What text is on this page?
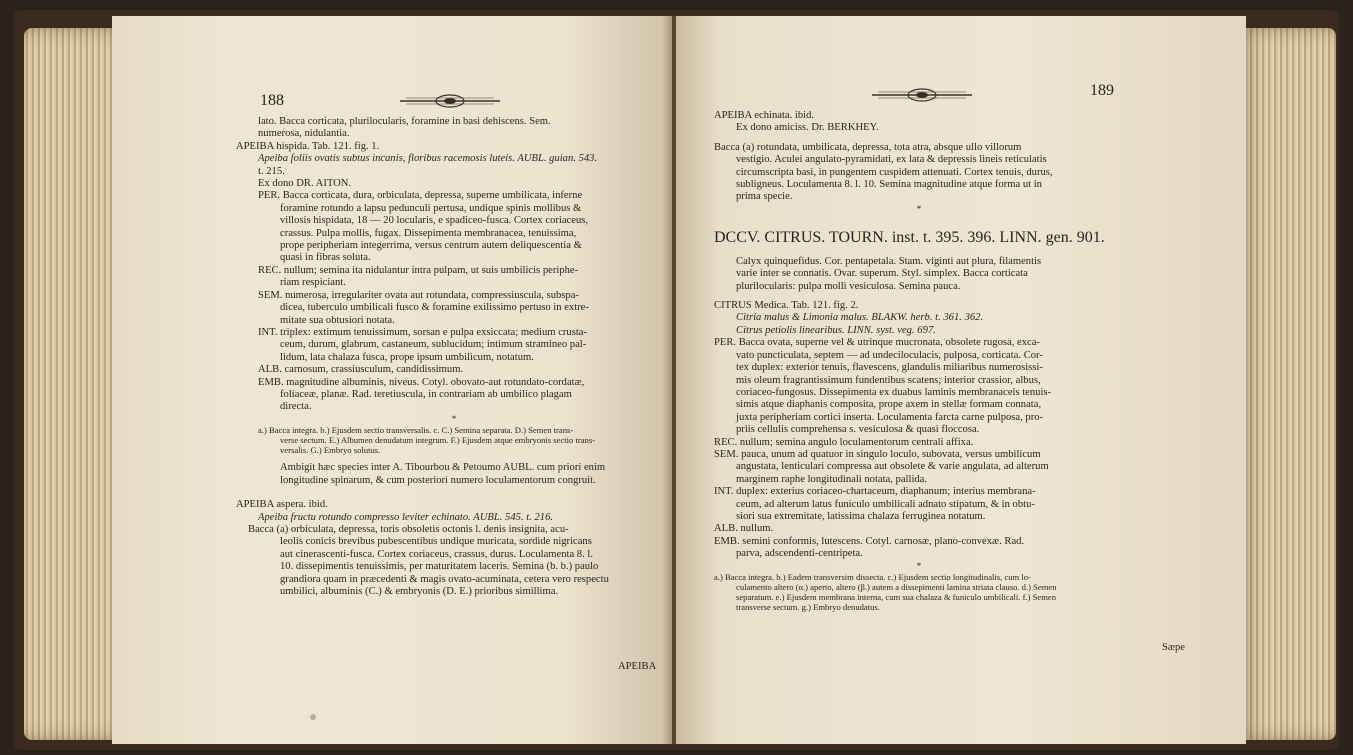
188
lato. Bacca corticata, plurilocularis, foramine in basi dehiscens. Sem.
numerosa, nidulantia.
APEIBA hispida. Tab. 121. fig. 1.
Apeiba foliis ovatis subtus incanis, floribus racemosis luteis. AUBL. guian. 543.
t. 215.
Ex dono DR. AITON.
PER. Bacca corticata, dura, orbiculata, depressa, superne umbilicata, inferne
foramine rotundo a lapsu pedunculi pertusa, undique spinis mollibus &
villosis hispidata, 18 — 20 locularis, e spadiceo-fusca. Cortex coriaceus,
crassus. Pulpa mollis, fugax. Dissepimenta membranacea, tenuissima,
prope peripheriam integerrima, versus centrum autem deliquescentia &
quasi in fibras soluta.
REC. nullum; semina ita nidulantur intra pulpam, ut suis umbilicis periphe-
riam respiciant.
SEM. numerosa, irregulariter ovata aut rotundata, compressiuscula, subspa-
dicea, tuberculo umbilicali fusco & foramine exilissimo pertuso in extre-
mitate sua obtusiori notata.
INT. triplex: extimum tenuissimum, sorsan e pulpa exsiccata; medium crusta-
ceum, durum, glabrum, castaneum, sublucidum; intimum stramineo pal-
lidum, lata chalaza fusca, prope ipsum umbilicum, notatum.
ALB. carnosum, crassiusculum, candidissimum.
EMB. magnitudine albuminis, niveus. Cotyl. obovato-aut rotundato-cordatæ,
foliaceæ, planæ. Rad. teretiuscula, in contrariam ab umbilico plagam
directa.
*
a.) Bacca integra. b.) Ejusdem sectio transversalis. c. C.) Semina separata. D.) Semen trans-
verse sectum. E.) Albumen denudatum integrum. F.) Ejusdem atque embryonis sectio trans-
versalis. G.) Embryo solutus.
Ambigit hæc species inter A. Tibourbou & Petoumo AUBL. cum priori enim
longitudine spinarum, & cum posteriori numero loculamentorum congruit.
APEIBA aspera. ibid.
Apeiba fructu rotundo compresso leviter echinato. AUBL. 545. t. 216.
Bacca (a) orbiculata, depressa, toris obsoletis octonis l. denis insignita, acu-
leolis conicis brevibus pubescentibus undique muricata, sordide nigricans
aut cinerascenti-fusca. Cortex coriaceus, crassus, durus. Loculamenta 8. l.
10. dissepimentis tenuissimis, per maturitatem laceris. Semina (b. b.) paulo
grandiora quam in præcedenti & magis ovato-acuminata, cetera vero respectu
umbilici, albuminis (C.) & embryonis (D. E.) prioribus simillima.
APEIBA
189
APEIBA echinata. ibid.
Ex dono amiciss. Dr. BERKHEY.
Bacca (a) rotundata, umbilicata, depressa, tota atra, absque ullo villorum
vestigio. Aculei angulato-pyramidati, ex lata & depressis lineis reticulatis
circumscripta basi, in pungentem cuspidem attenuati. Cortex tenuis, durus,
subligneus. Loculamenta 8. l. 10. Semina magnitudine atque forma ut in
prima specie.
*
DCCV. CITRUS. TOURN. inst. t. 395. 396. LINN. gen. 901.
Calyx quinquefidus. Cor. pentapetala. Stam. viginti aut plura, filamentis
varie inter se connatis. Ovar. superum. Styl. simplex. Bacca corticata
plurilocularis: pulpa molli vesiculosa. Semina pauca.
CITRUS Medica. Tab. 121. fig. 2.
Citria malus & Limonia malus. BLAKW. herb. t. 361. 362.
Citrus petiolis linearibus. LINN. syst. veg. 697.
PER. Bacca ovata, superne vel & utrinque mucronata, obsolete rugosa, exca-
vato puncticulata, septem — ad undeciloculacis, pulposa, corticata. Cor-
tex duplex: exterior tenuis, flavescens, glandulis miliaribus numerosissi-
mis oleum fragrantissimum fundentibus scatens; interior crassior, albus,
coriaceo-fungosus. Dissepimenta ex duabus laminis membranaceis tenuis-
simis atque diaphanis composita, prope axem in stellæ formam connata,
juxta peripheriam cortici inserta. Loculamenta farcta carne pulposa, pro-
priis cellulis comprehensa s. vesiculosa & quasi floccosa.
REC. nullum; semina angulo loculamentorum centrali affixa.
SEM. pauca, unum ad quatuor in singulo loculo, subovata, versus umbilicum
angustata, lenticulari compressa aut obsolete & varie angulata, ad alterum
marginem raphe longitudinali notata, pallida.
INT. duplex: exterius coriaceo-chartaceum, diaphanum; interius membrana-
ceum, ad alterum latus funiculo umbilicali adnato stipatum, & in obtu-
siori sua extremitate, latissima chalaza ferruginea notatum.
ALB. nullum.
EMB. semini conformis, lutescens. Cotyl. carnosæ, plano-convexæ. Rad.
parva, adscendenti-centripeta.
*
a.) Bacca integra. b.) Eadem transversim dissecta. c.) Ejusdem sectio longitudinalis, cum lo-
culamento altero (α.) aperto, altero (β.) autem a dissepimenti lamina striata clauso. d.) Semen
separatum. e.) Ejusdem membrana interna, cum sua chalaza & funiculo umbilicali. f.) Semen
transverse sectum. g.) Embryo denudatus.
Sæpe
